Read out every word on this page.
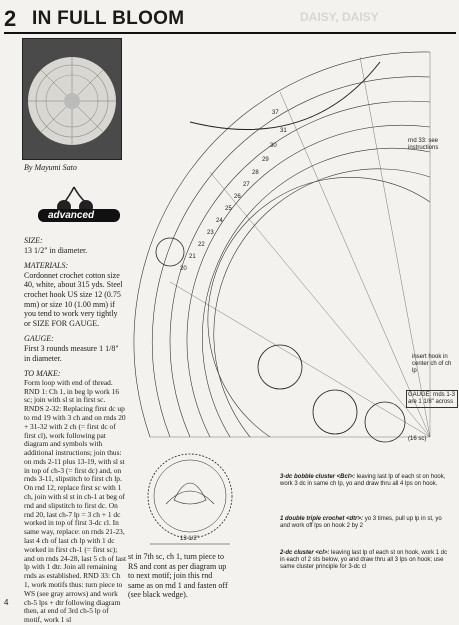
DAISY, DAISY
2 IN FULL BLOOM
By Mayumi Sato
advanced

SIZE:

13 1/2" in diameter.

MATERIALS:

Cordonnet crochet cotton size 40, white, about 315 yds. Steel crochet hook US size 12 (0.75 mm) or size 10 (1.00 mm) if you tend to work very tightly or SIZE FOR GAUGE.

GAUGE:

First 3 rounds measure 1 1/8" in diameter.

TO MAKE:

Form loop with end of thread. RND 1: Ch 1, in beg lp work 16 sc; join with sl st in first sc. RNDS 2-32: Replacing first dc up to rnd 19 with 3 ch and on rnds 20 + 31-32 with 2 ch (= first dc of first cl), work following pat diagram and symbols with additional instructions; join thus: on rnds 2-11 plus 13-19, with sl st in top of ch-3 (= first dc) and, on rnds 3-11, slipstitch to first ch lp. On rnd 12, replace first sc with 1 ch, join with sl st in ch-1 at beg of rnd and slipstitch to first dc. On rnd 20, last ch-7 lp = 3 ch + 1 dc worked in top of first 3-dc cl. In same way, replace: on rnds 21-23, last 4 ch of last ch lp with 1 dc worked in first ch-1 (= first sc); and on rnds 24-28, last 5 ch of last lp with 1 dtr. Join all remaining rnds as established. RND 33: Ch 1, work motifs thus: turn piece to WS (see gray arrows) and work ch-5 lps + dtr following diagram then, at end of 3rd ch-5 lp of motif, work 1 sl

st in 7th sc, ch 1, turn piece to RS and cont as per diagram up to next motif; join this rnd same as on rnd 1 and fasten off (see black wedge).
37
31
30
29
28
27
26
25
24
23
22
21
20
rnd 33: see instructions
insert hook in center ch of ch lp
GAUGE: rnds 1-3 are 1 1/8" across
(16 sc)
13 1/2"
3-dc bobble cluster <Bcl>: leaving last lp of each st on hook, work 3 dc in same ch lp, yo and draw thru all 4 lps on hook.
1 double triple crochet <dtr>: yo 3 times, pull up lp in st, yo and work off lps on hook 2 by 2
2-dc cluster <cl>: leaving last lp of each st on hook, work 1 dc in each of 2 sts below, yo and draw thru all 3 lps on hook; use same cluster principle for 3-dc cl
4
